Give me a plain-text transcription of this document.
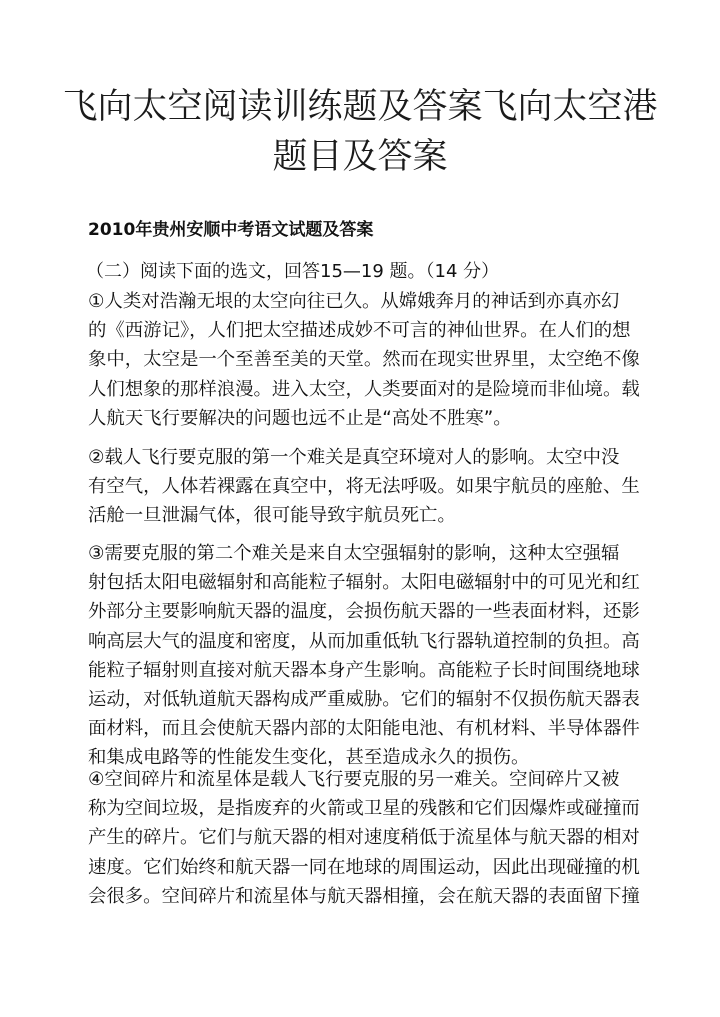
飞向太空阅读训练题及答案飞向太空港
题目及答案
2010年贵州安顺中考语文试题及答案
（二）阅读下面的选文，回答15—19 题。（14 分）
①人类对浩瀚无垠的太空向往已久。从嫦娥奔月的神话到亦真亦幻
的《西游记》，人们把太空描述成妙不可言的神仙世界。在人们的想
象中，太空是一个至善至美的天堂。然而在现实世界里，太空绝不像
人们想象的那样浪漫。进入太空，人类要面对的是险境而非仙境。载
人航天飞行要解决的问题也远不止是“高处不胜寒”。
②载人飞行要克服的第一个难关是真空环境对人的影响。太空中没
有空气，人体若裸露在真空中，将无法呼吸。如果宇航员的座舱、生
活舱一旦泄漏气体，很可能导致宇航员死亡。
③需要克服的第二个难关是来自太空强辐射的影响，这种太空强辐
射包括太阳电磁辐射和高能粒子辐射。太阳电磁辐射中的可见光和红
外部分主要影响航天器的温度，会损伤航天器的一些表面材料，还影
响高层大气的温度和密度，从而加重低轨飞行器轨道控制的负担。高
能粒子辐射则直接对航天器本身产生影响。高能粒子长时间围绕地球
运动，对低轨道航天器构成严重威胁。它们的辐射不仅损伤航天器表
面材料，而且会使航天器内部的太阳能电池、有机材料、半导体器件
和集成电路等的性能发生变化，甚至造成永久的损伤。
④空间碎片和流星体是载人飞行要克服的另一难关。空间碎片又被
称为空间垃圾，是指废弃的火箭或卫星的残骸和它们因爆炸或碰撞而
产生的碎片。它们与航天器的相对速度稍低于流星体与航天器的相对
速度。它们始终和航天器一同在地球的周围运动，因此出现碰撞的机
会很多。空间碎片和流星体与航天器相撞，会在航天器的表面留下撞
